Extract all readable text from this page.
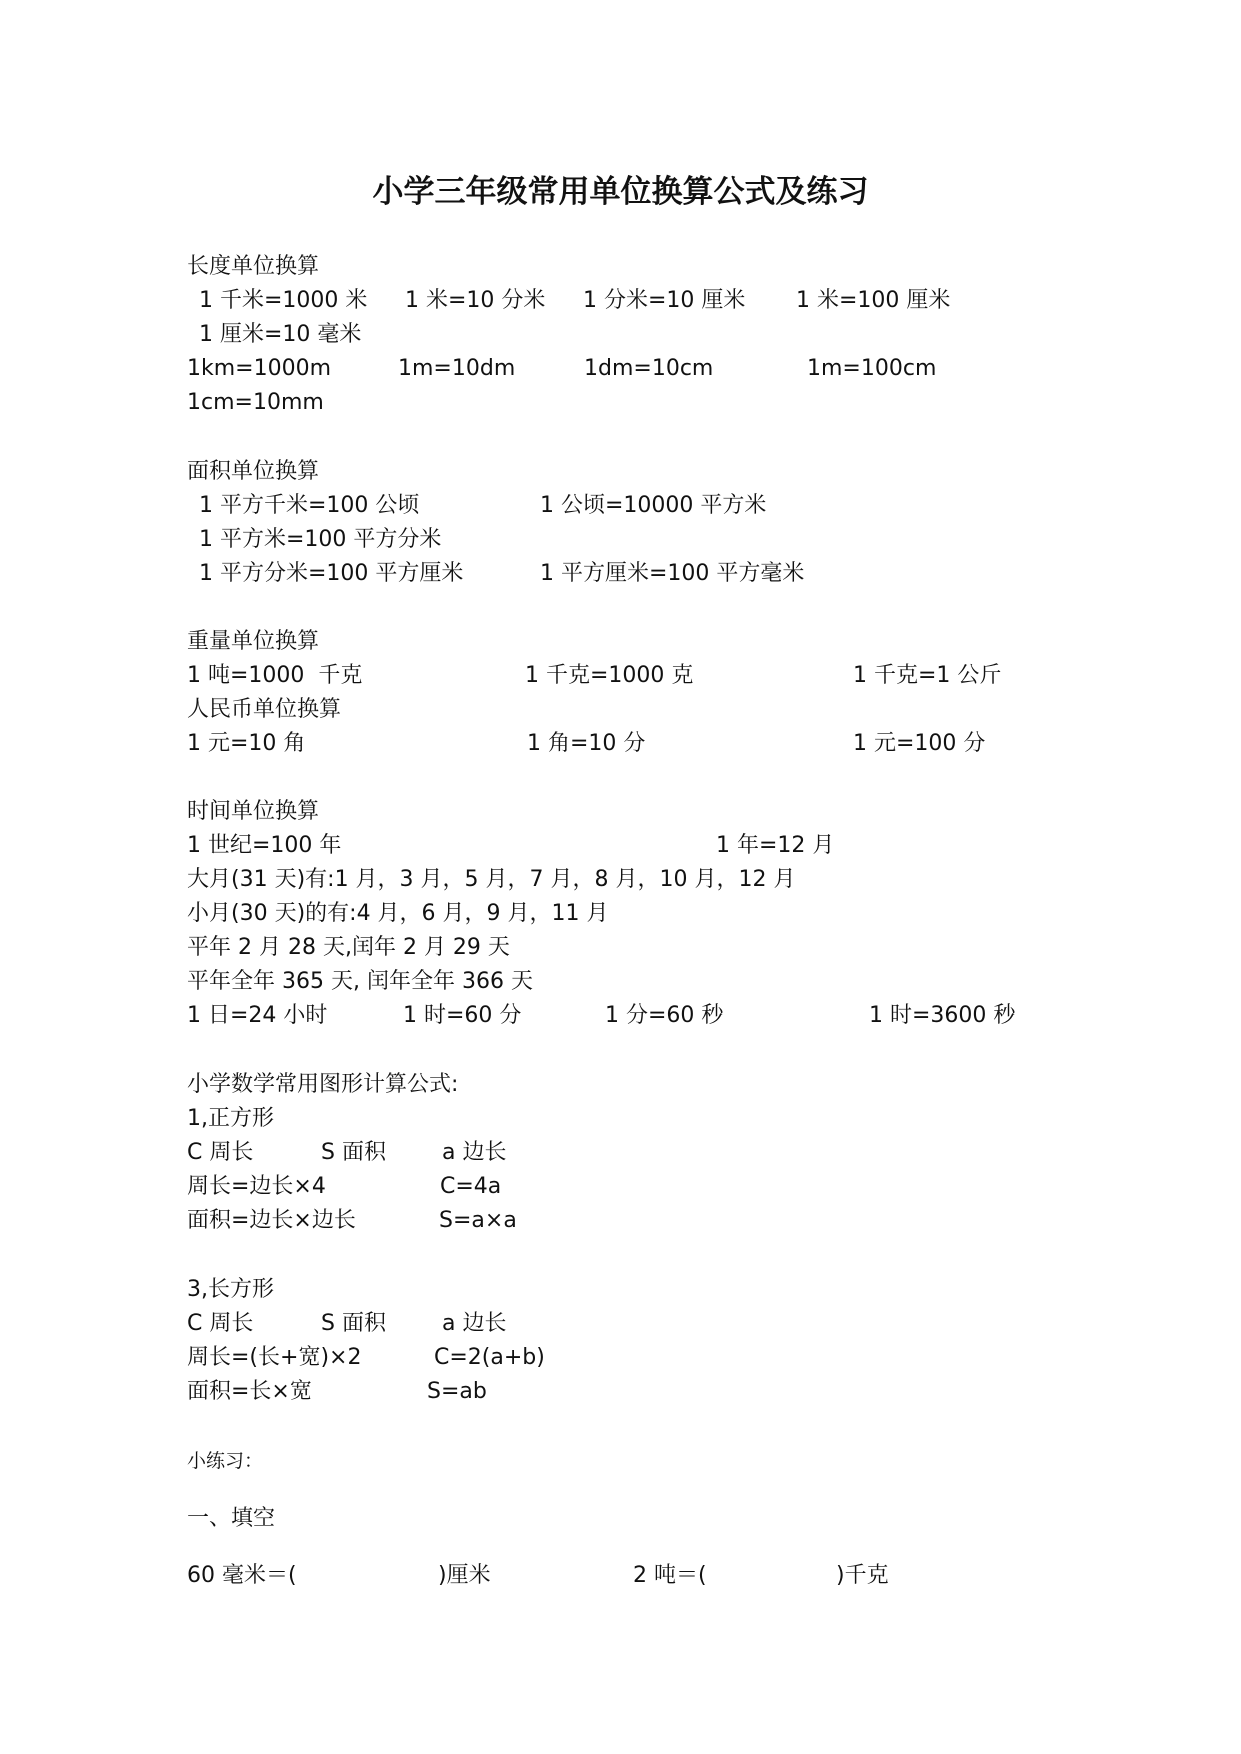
小学三年级常用单位换算公式及练习
长度单位换算
1 千米=1000 米 1 米=10 分米 1 分米=10 厘米 1 米=100 厘米
1 厘米=10 毫米
1km=1000m	1m=10dm	1dm=10cm	1m=100cm
1cm=10mm
面积单位换算
1 平方千米=100 公顷	1 公顷=10000 平方米
1 平方米=100 平方分米
1 平方分米=100 平方厘米	1 平方厘米=100 平方毫米
重量单位换算
1 吨=1000  千克	1 千克=1000 克	1 千克=1 公斤
人民币单位换算
1 元=10 角	1 角=10 分	1 元=100 分
时间单位换算
1 世纪=100 年	1 年=12 月
大月(31 天)有:1 月，3 月，5 月，7 月，8 月，10 月，12 月
小月(30 天)的有:4 月，6 月，9 月，11 月
平年 2 月 28 天,闰年 2 月 29 天
平年全年 365 天, 闰年全年 366 天
1 日=24 小时	1 时=60 分	1 分=60 秒	1 时=3600 秒
小学数学常用图形计算公式:
1,正方形
C 周长	S 面积	a 边长
周长=边长×4	C=4a
面积=边长×边长	S=a×a
3,长方形
C 周长	S 面积	a 边长
周长=(长+宽)×2	C=2(a+b)
面积=长×宽	S=ab
小练习：
一、填空
60 毫米＝(	)厘米	2 吨＝(	)千克
